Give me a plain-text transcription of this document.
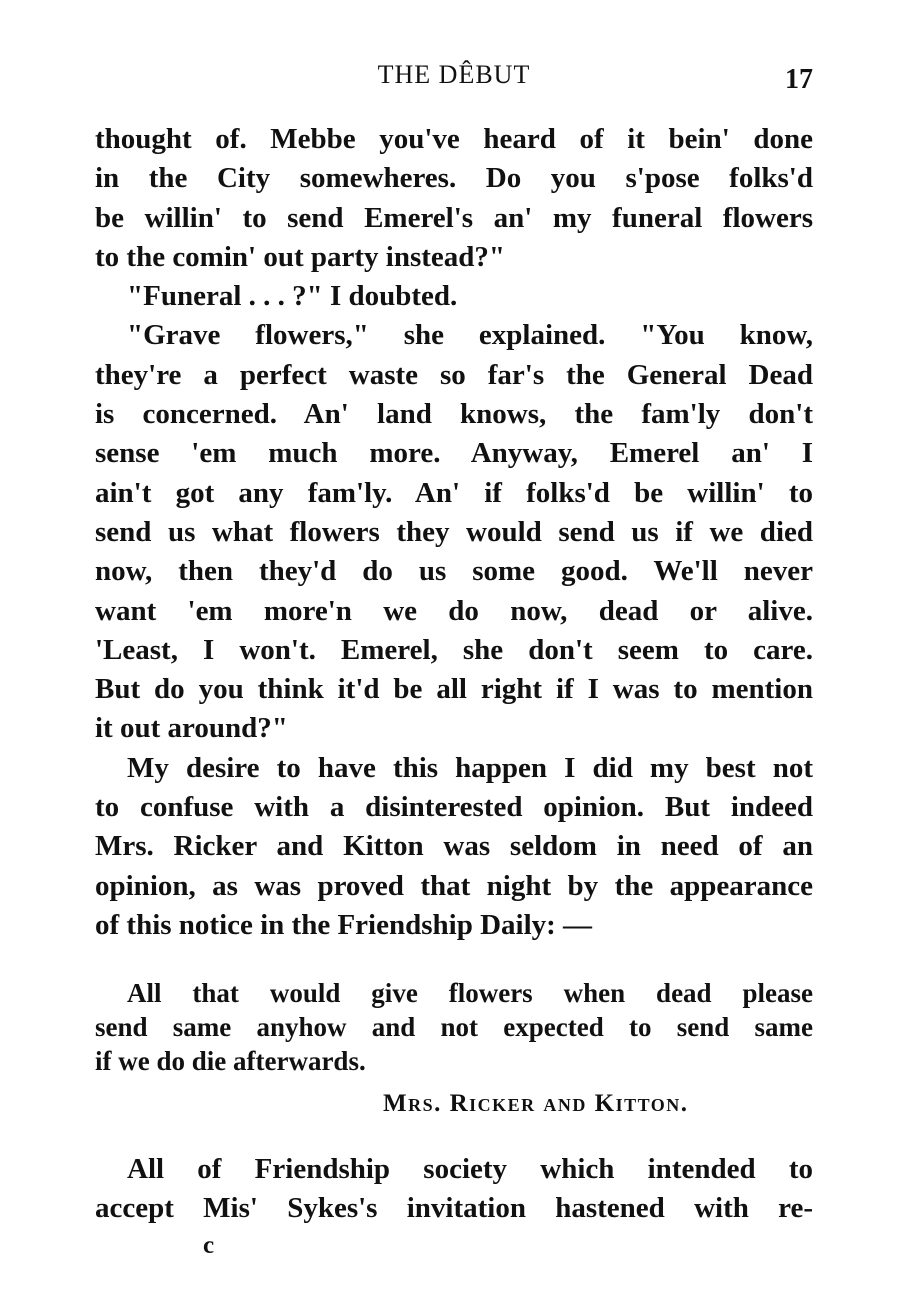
THE DÊBUT	17
thought of. Mebbe you've heard of it bein' done
in the City somewheres. Do you s'pose folks'd
be willin' to send Emerel's an' my funeral flowers
to the comin' out party instead?"
"Funeral . . . ?" I doubted.
"Grave flowers," she explained. "You know,
they're a perfect waste so far's the General Dead
is concerned. An' land knows, the fam'ly don't
sense 'em much more. Anyway, Emerel an' I
ain't got any fam'ly. An' if folks'd be willin' to
send us what flowers they would send us if we died
now, then they'd do us some good. We'll never
want 'em more'n we do now, dead or alive.
'Least, I won't. Emerel, she don't seem to care.
But do you think it'd be all right if I was to mention
it out around?"
My desire to have this happen I did my best not
to confuse with a disinterested opinion. But indeed
Mrs. Ricker and Kitton was seldom in need of an
opinion, as was proved that night by the appearance
of this notice in the Friendship Daily: —
All that would give flowers when dead please
send same anyhow and not expected to send same
if we do die afterwards.
Mrs. Ricker and Kitton.
All of Friendship society which intended to
accept Mis' Sykes's invitation hastened with re-
c
